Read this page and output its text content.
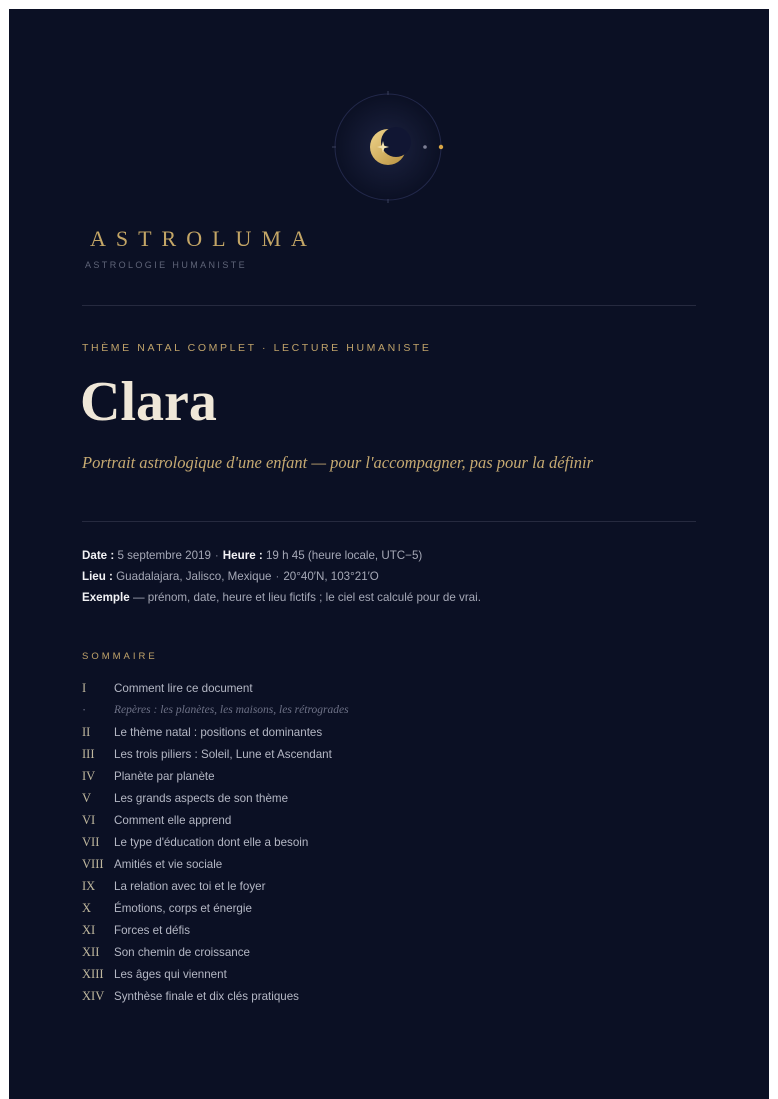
ASTROLUMA
ASTROLOGIE HUMANISTE
THÈME NATAL COMPLET · LECTURE HUMANISTE
Clara
Portrait astrologique d'une enfant — pour l'accompagner, pas pour la définir
Date : 5 septembre 2019 · Heure : 19 h 45 (heure locale, UTC−5)
Lieu : Guadalajara, Jalisco, Mexique · 20°40′N, 103°21′O
Exemple — prénom, date, heure et lieu fictifs ; le ciel est calculé pour de vrai.
SOMMAIRE
I	Comment lire ce document
·	Repères : les planètes, les maisons, les rétrogrades
II	Le thème natal : positions et dominantes
III	Les trois piliers : Soleil, Lune et Ascendant
IV	Planète par planète
V	Les grands aspects de son thème
VI	Comment elle apprend
VII	Le type d'éducation dont elle a besoin
VIII Amitiés et vie sociale
IX	La relation avec toi et le foyer
X	Émotions, corps et énergie
XI	Forces et défis
XII	Son chemin de croissance
XIII Les âges qui viennent
XIV Synthèse finale et dix clés pratiques
